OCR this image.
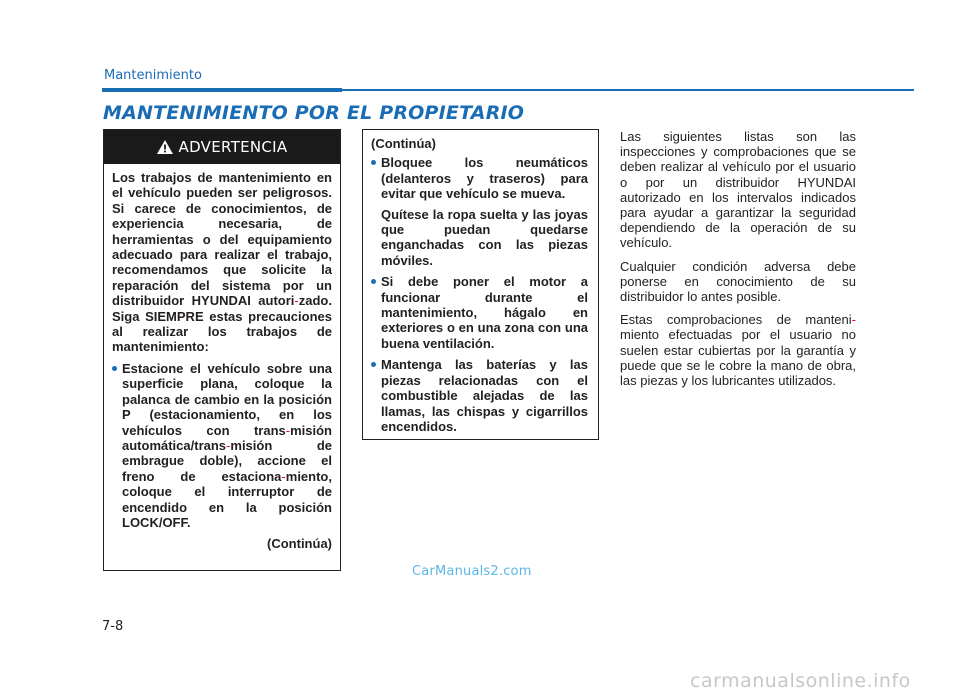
Mantenimiento
MANTENIMIENTO POR EL PROPIETARIO
ADVERTENCIA

Los trabajos de mantenimiento en el vehículo pueden ser peligrosos. Si carece de conocimientos, de experiencia necesaria, de herramientas o del equipamiento adecuado para realizar el trabajo, recomendamos que solicite la reparación del sistema por un distribuidor HYUNDAI autori-zado. Siga SIEMPRE estas precauciones al realizar los trabajos de mantenimiento:

Estacione el vehículo sobre una superficie plana, coloque la palanca de cambio en la posición P (estacionamiento, en los vehículos con trans-misión automática/trans-misión de embrague doble), accione el freno de estaciona-miento, coloque el interruptor de encendido en la posición LOCK/OFF.

(Continúa)

(Continúa)

Bloquee los neumáticos (delanteros y traseros) para evitar que vehículo se mueva.

Quítese la ropa suelta y las joyas que puedan quedarse enganchadas con las piezas móviles.

Si debe poner el motor a funcionar durante el mantenimiento, hágalo en exteriores o en una zona con una buena ventilación.
Mantenga las baterías y las piezas relacionadas con el combustible alejadas de las llamas, las chispas y cigarrillos encendidos.

Las siguientes listas son las inspecciones y comprobaciones que se deben realizar al vehículo por el usuario o por un distribuidor HYUNDAI autorizado en los intervalos indicados para ayudar a garantizar la seguridad dependiendo de la operación de su vehículo.

Cualquier condición adversa debe ponerse en conocimiento de su distribuidor lo antes posible.

Estas comprobaciones de manteni-miento efectuadas por el usuario no suelen estar cubiertas por la garantía y puede que se le cobre la mano de obra, las piezas y los lubricantes utilizados.

CarManuals2.com
7-8
carmanualsonline.info
